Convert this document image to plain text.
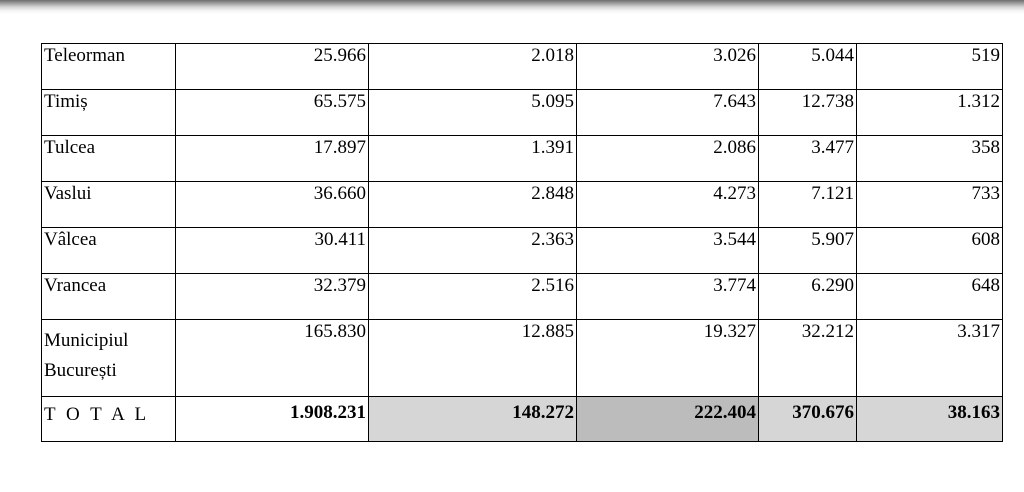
Teleorman	25.966	2.018	3.026	5.044	519
Timiș	65.575	5.095	7.643	12.738	1.312
Tulcea	17.897	1.391	2.086	3.477	358
Vaslui	36.660	2.848	4.273	7.121	733
Vâlcea	30.411	2.363	3.544	5.907	608
Vrancea	32.379	2.516	3.774	6.290	648
Municipiul București	165.830	12.885	19.327	32.212	3.317
T O T A L	1.908.231	148.272	222.404	370.676	38.163
